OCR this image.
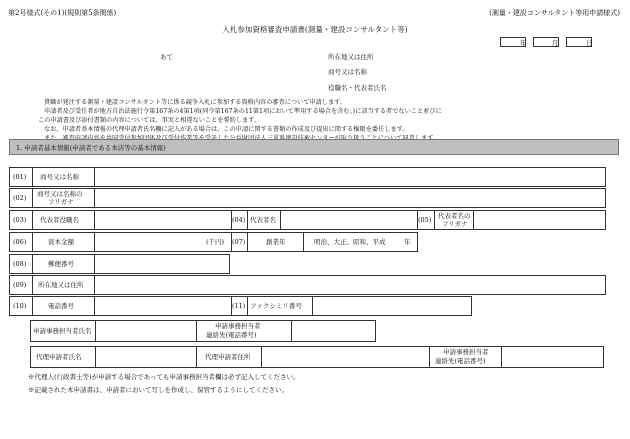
第2号様式(その1)(規則第5条関係)	(測量・建設コンサルタント等用申請様式)
入札参加資格審査申請書(測量・建設コンサルタント等)
年	月	日
あて	所在地又は住所
商号又は名称
役職名・代表者氏名
貴職が発注する測量・建設コンサルタント等に係る競争入札に参加する資格内容の審査について申請します。
申請者及び受任者が地方自治法施行令第167条の4第1項(同令第167条の11第1項において準用する場合を含む。)に該当する者でないこと並びに
この申請書及び添付書類の内容については、事実と相違ないことを誓約します。
なお、申請者基本情報の代理申請者氏名欄に記入がある場合は、この申請に関する書類の作成及び提出に関する権限を委任します。
1. 申請者基本情報(申請者である本店等の基本情報)
(01) 商号又は名称
(02) 商号又は名称の
フリガナ
(03) 代表者役職名	(04) 代表者名	(05) 代表者名の
フリガナ
(06)	資本金額	(千円) (07)	創業年	明治、大正、昭和、平成	年
(08)	郵便番号
(09) 所在地又は住所
(10)	電話番号	(11) ファクシミリ番号
申請事務担当者氏名
申請事務担当者
連絡先(電話番号)
代理申請者氏名	代理申請者住所
申請事務担当者
連絡先(電話番号)
※代理人(行政書士等)が申請する場合であっても申請事務担当者欄は必ず記入してください。
※記載された本申請書は、申請者において写しを作成し、保管するようにしてください。
